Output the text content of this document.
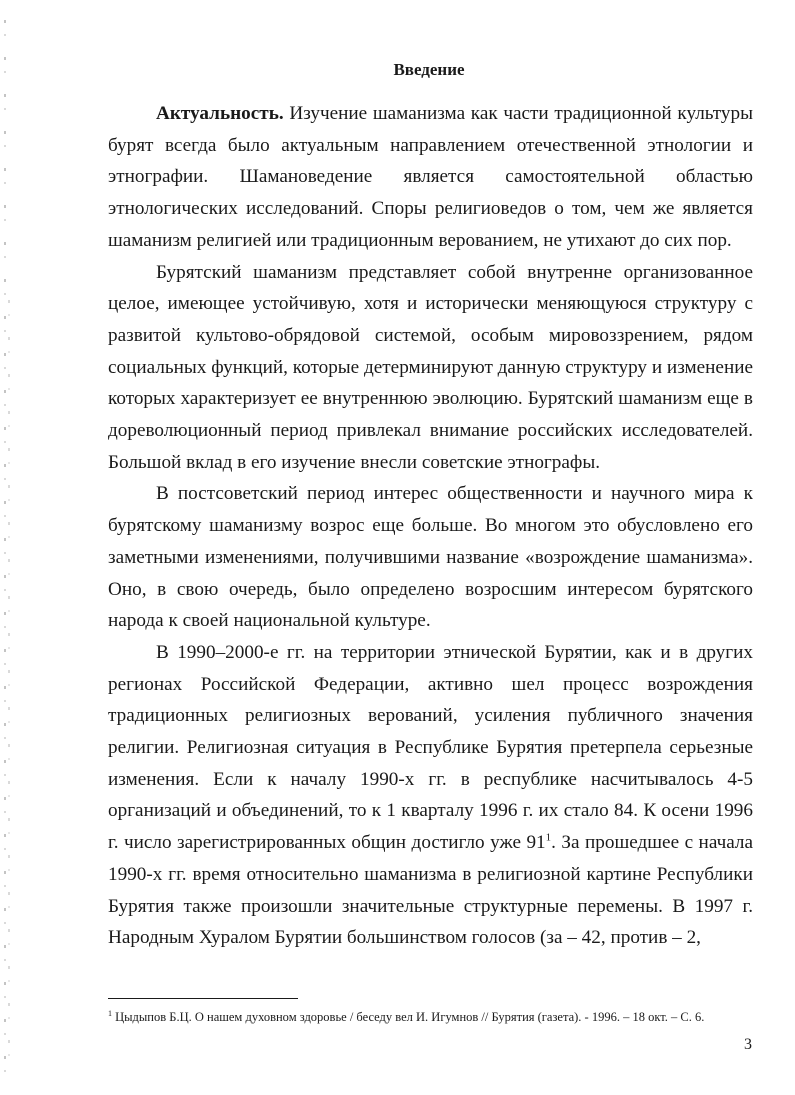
Введение

Актуальность. Изучение шаманизма как части традиционной культуры бурят всегда было актуальным направлением отечественной этнологии и этнографии. Шамановедение является самостоятельной областью этнологических исследований. Споры религиоведов о том, чем же является шаманизм религией или традиционным верованием, не утихают до сих пор.

Бурятский шаманизм представляет собой внутренне организованное целое, имеющее устойчивую, хотя и исторически меняющуюся структуру с развитой культово-обрядовой системой, особым мировоззрением, рядом социальных функций, которые детерминируют данную структуру и изменение которых характеризует ее внутреннюю эволюцию. Бурятский шаманизм еще в дореволюционный период привлекал внимание российских исследователей. Большой вклад в его изучение внесли советские этнографы.

В постсоветский период интерес общественности и научного мира к бурятскому шаманизму возрос еще больше. Во многом это обусловлено его заметными изменениями, получившими название «возрождение шаманизма». Оно, в свою очередь, было определено возросшим интересом бурятского народа к своей национальной культуре.

В 1990–2000-е гг. на территории этнической Бурятии, как и в других регионах Российской Федерации, активно шел процесс возрождения традиционных религиозных верований, усиления публичного значения религии. Религиозная ситуация в Республике Бурятия претерпела серьезные изменения. Если к началу 1990-х гг. в республике насчитывалось 4-5 организаций и объединений, то к 1 кварталу 1996 г. их стало 84. К осени 1996 г. число зарегистрированных общин достигло уже 91$^1$. За прошедшее с начала 1990-х гг. время относительно шаманизма в религиозной картине Республики Бурятия также произошли значительные структурные перемены. В 1997 г. Народным Хуралом Бурятии большинством голосов (за – 42, против – 2,

$^1$ Цыдыпов Б.Ц. О нашем духовном здоровье / беседу вел И. Игумнов // Бурятия (газета). - 1996. – 18 окт. – С. 6.
3
